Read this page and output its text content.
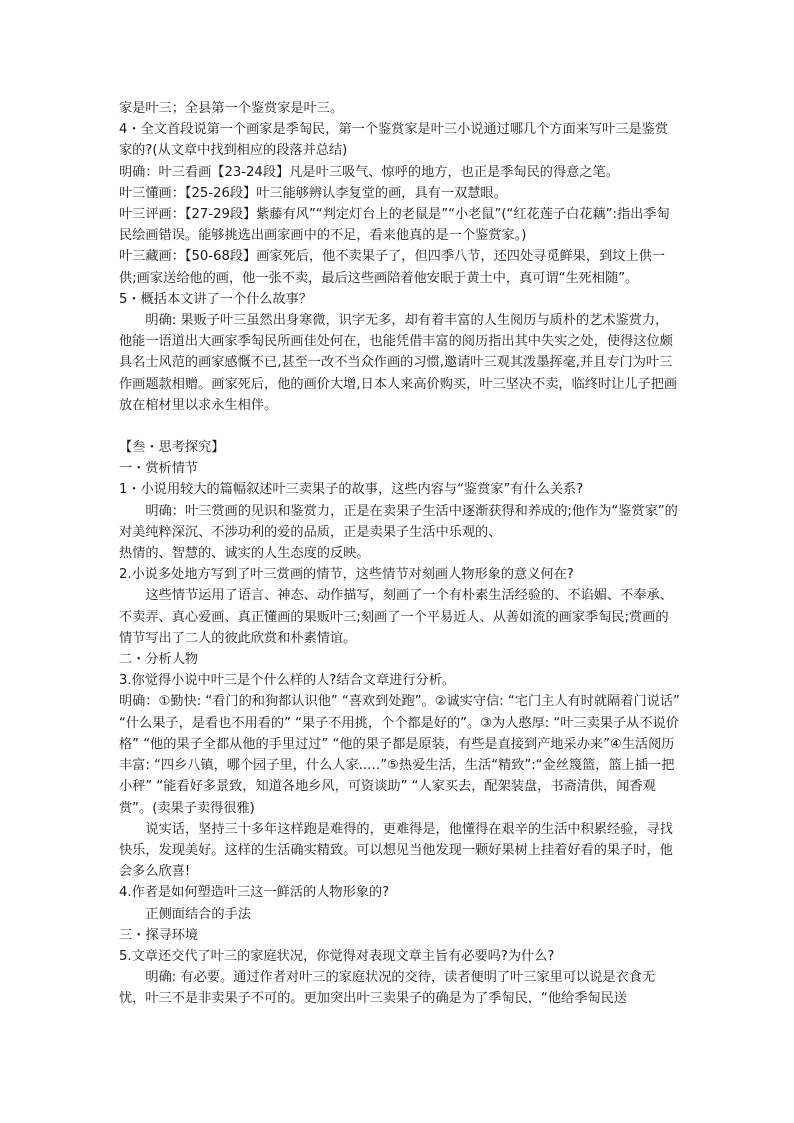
家是叶三；全县第一个鉴赏家是叶三。

4・全文首段说第一个画家是季匋民，第一个鉴赏家是叶三小说通过哪几个方面来写叶三是鉴赏家的?(从文章中找到相应的段落并总结)

明确：叶三看画【23-24段】凡是叶三吸气、惊呼的地方，也正是季匋民的得意之笔。

叶三懂画：【25-26段】叶三能够辨认李复堂的画，具有一双慧眼。

叶三评画：【27-29段】紫藤有风”“判定灯台上的老鼠是”“小老鼠”(“红花莲子白花藕”:指出季匋民绘画错误。能够挑选出画家画中的不足，看来他真的是一个鉴赏家。)

叶三藏画：【50-68段】画家死后，他不卖果子了，但四季八节，还四处寻觅鲜果，到坟上供一供;画家送给他的画，他一张不卖，最后这些画陪着他安眠于黄土中，真可谓“生死相随”。

5・概括本文讲了一个什么故事？

明确: 果贩子叶三虽然出身寒微，识字无多，却有着丰富的人生阅历与质朴的艺术鉴赏力，他能一语道出大画家季匋民所画佳处何在，也能凭借丰富的阅历指出其中失实之处，使得这位颇具名士风范的画家感慨不已,甚至一改不当众作画的习惯,邀请叶三观其泼墨挥毫,并且专门为叶三作画题款相赠。画家死后，他的画价大增,日本人来高价购买，叶三坚决不卖，临终时让儿子把画放在棺材里以求永生相伴。

【叁・思考探究】

一・赏析情节

1・小说用较大的篇幅叙述叶三卖果子的故事，这些内容与“鉴赏家”有什么关系?

明确：叶三赏画的见识和鉴赏力，正是在卖果子生活中逐渐获得和养成的;他作为“鉴赏家”的对美纯粹深沉、不涉功利的爱的品质，正是卖果子生活中乐观的、

热情的、智慧的、诚实的人生态度的反映。

2.小说多处地方写到了叶三赏画的情节，这些情节对刻画人物形象的意义何在?

这些情节运用了语言、神态、动作描写，刻画了一个有朴素生活经验的、不谄媚、不奉承、不卖弄、真心爱画、真正懂画的果贩叶三;刻画了一个平易近人、从善如流的画家季匋民;赏画的情节写出了二人的彼此欣赏和朴素情谊。

二・分析人物

3.你觉得小说中叶三是个什么样的人?结合文章进行分析。

明确：①勤快: “看门的和狗都认识他” “喜欢到处跑”。②诚实守信: “宅门主人有时就隔着门说话” “什么果子，是看也不用看的” “果子不用挑，个个都是好的”。③为人憨厚: “叶三卖果子从不说价格” “他的果子全都从他的手里过过” “他的果子都是原装，有些是直接到产地采办来”④生活阅历丰富: “四乡八镇，哪个园子里，什么人家..…”⑤热爱生活，生活“精致”:“金丝篾篮，篮上插一把小秤” “能看好多景致，知道各地乡风，可资谈助” “人家买去，配架装盘，书斋清供，闻香观赏”。(卖果子卖得很雅)

说实话，坚持三十多年这样跑是难得的，更难得是，他懂得在艰辛的生活中积累经验，寻找快乐，发现美好。这样的生活确实精致。可以想见当他发现一颗好果树上挂着好看的果子时，他会多么欣喜!

4.作者是如何塑造叶三这一鲜活的人物形象的?

正侧面结合的手法

三・探寻环境

5.文章还交代了叶三的家庭状况，你觉得对表现文章主旨有必要吗?为什么?

明确: 有必要。通过作者对叶三的家庭状况的交待，读者便明了叶三家里可以说是衣食无忧，叶三不是非卖果子不可的。更加突出叶三卖果子的确是为了季匋民，“他给季匋民送
